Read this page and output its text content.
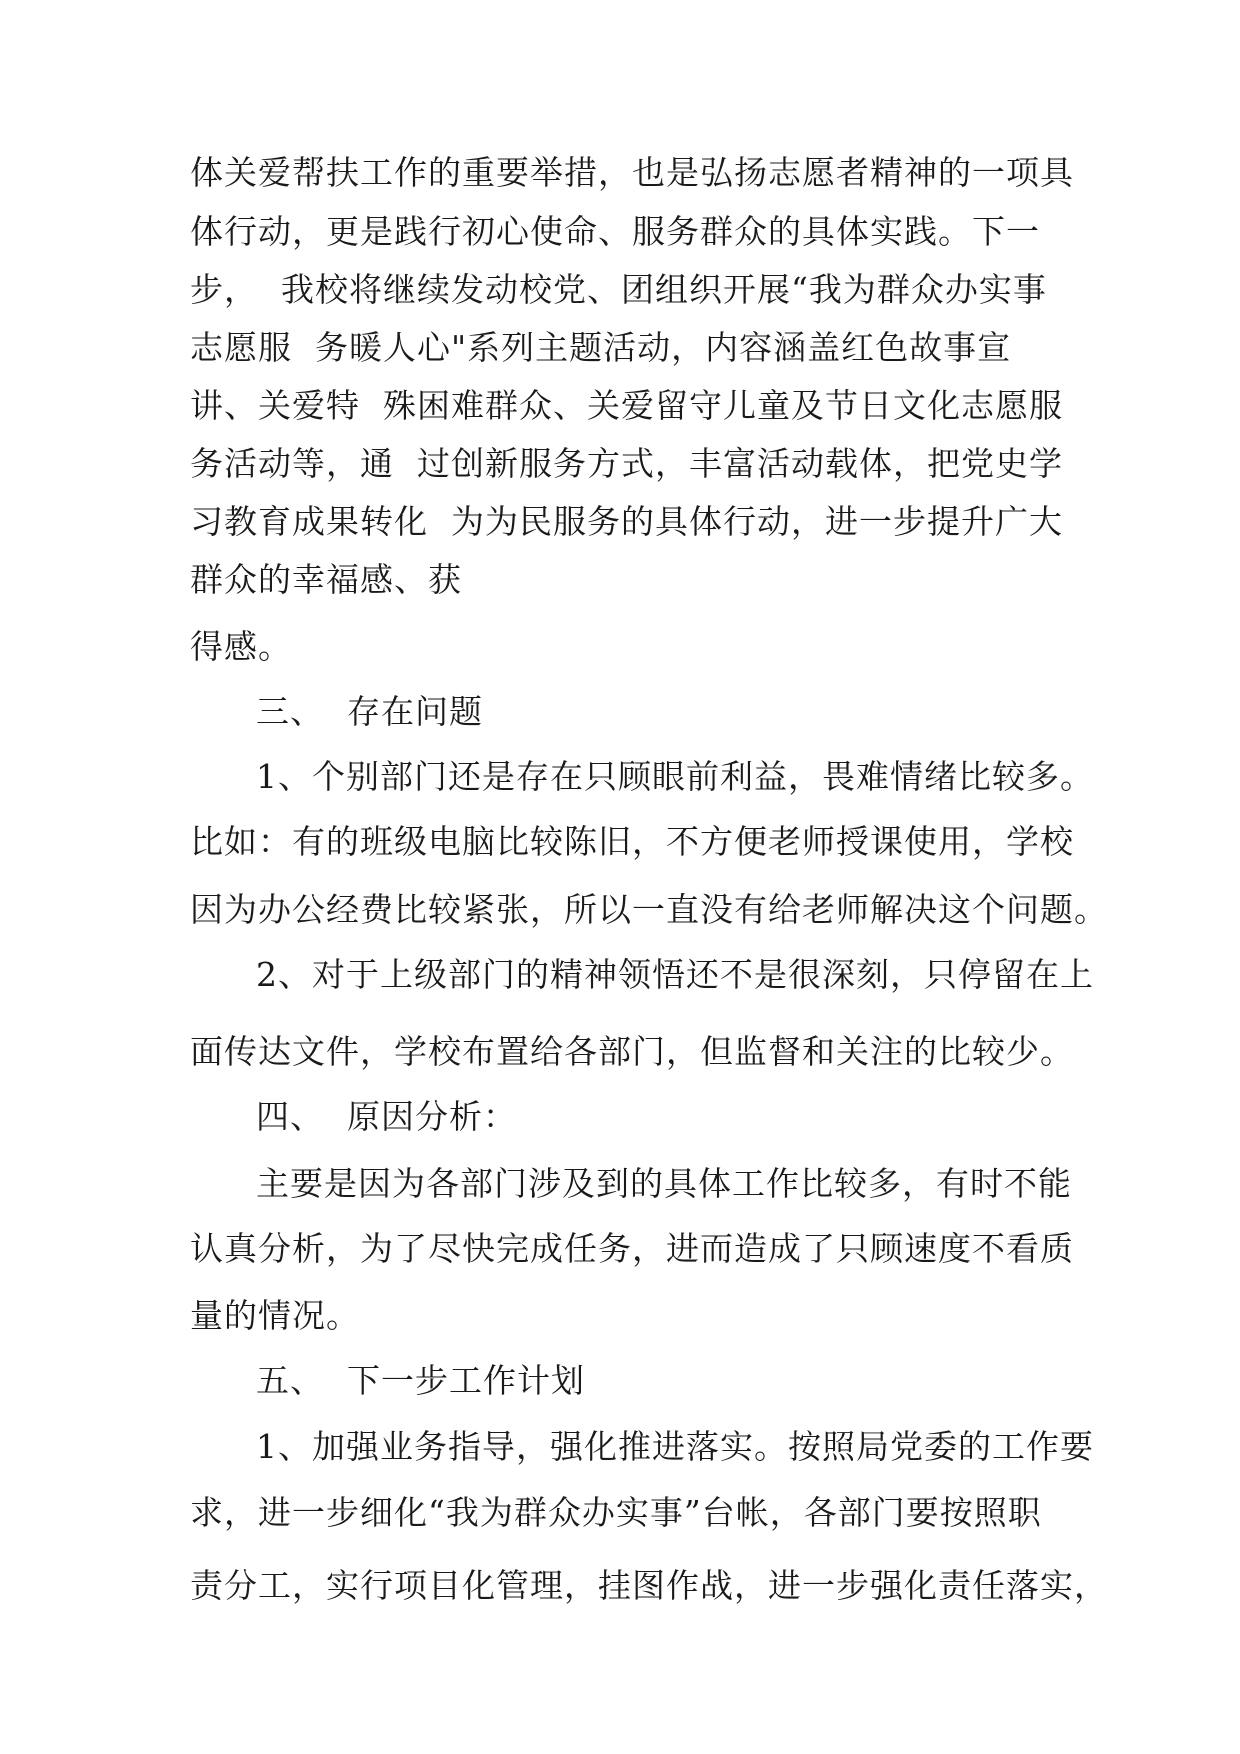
体关爱帮扶工作的重要举措，也是弘扬志愿者精神的一项具
体行动，更是践行初心使命、服务群众的具体实践。下一
步，  我校将继续发动校党、团组织开展“我为群众办实事
志愿服  务暖人心"系列主题活动，内容涵盖红色故事宣
讲、关爱特  殊困难群众、关爱留守儿童及节日文化志愿服
务活动等，通  过创新服务方式，丰富活动载体，把党史学
习教育成果转化  为为民服务的具体行动，进一步提升广大
群众的幸福感、获
得感。
三、  存在问题
1、个别部门还是存在只顾眼前利益，畏难情绪比较多。
比如：有的班级电脑比较陈旧，不方便老师授课使用，学校
因为办公经费比较紧张，所以一直没有给老师解决这个问题。
2、对于上级部门的精神领悟还不是很深刻，只停留在上
面传达文件，学校布置给各部门，但监督和关注的比较少。
四、  原因分析：
主要是因为各部门涉及到的具体工作比较多，有时不能
认真分析，为了尽快完成任务，进而造成了只顾速度不看质
量的情况。
五、  下一步工作计划
1、加强业务指导，强化推进落实。按照局党委的工作要
求，进一步细化“我为群众办实事”台帐，各部门要按照职
责分工，实行项目化管理，挂图作战，进一步强化责任落实，
